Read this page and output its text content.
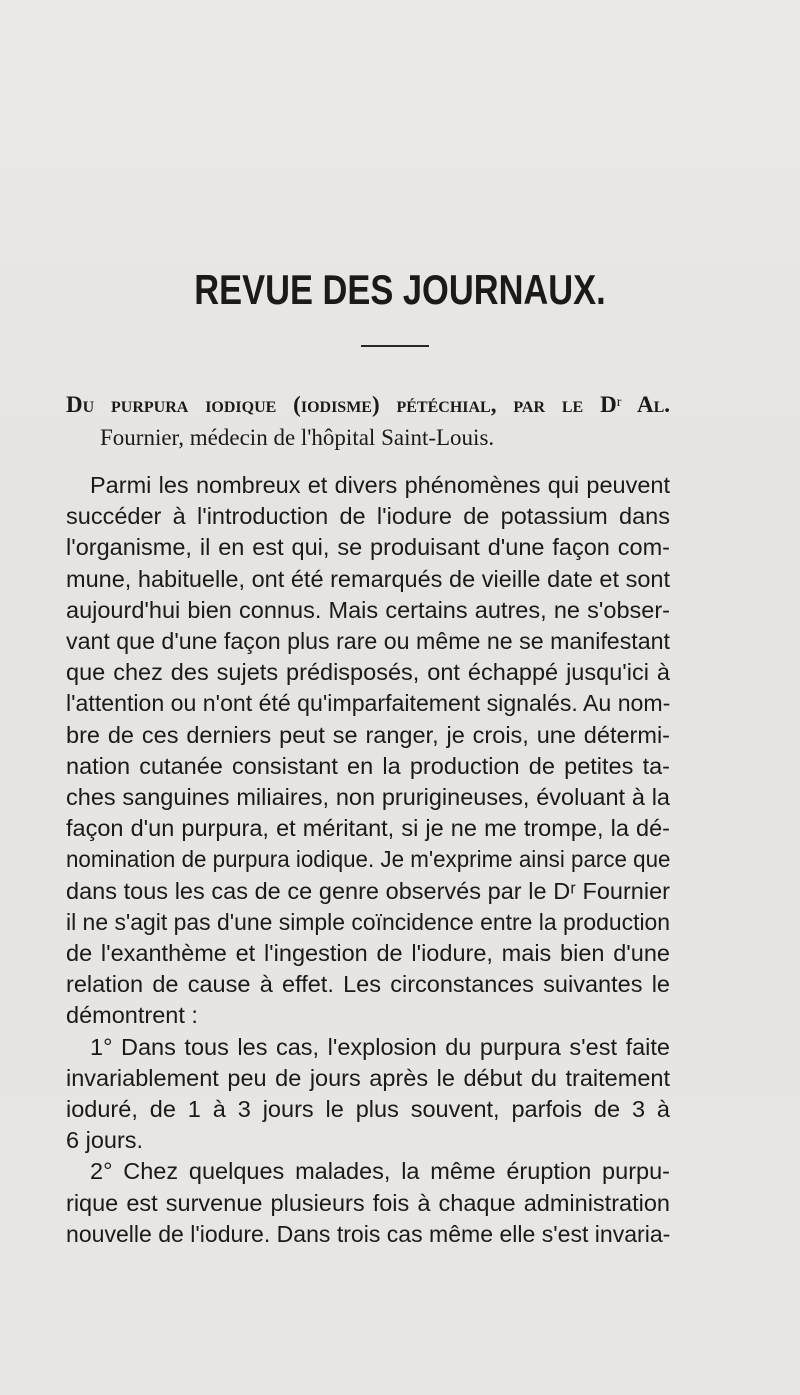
REVUE DES JOURNAUX.

Du purpura iodique (iodisme) pétéchial, par le $D^r$ Al.
Fournier, médecin de l'hôpital Saint-Louis.

Parmi les nombreux et divers phénomènes qui peuvent
succéder à l'introduction de l'iodure de potassium dans
l'organisme, il en est qui, se produisant d'une façon com-
mune, habituelle, ont été remarqués de vieille date et sont
aujourd'hui bien connus. Mais certains autres, ne s'obser-
vant que d'une façon plus rare ou même ne se manifestant
que chez des sujets prédisposés, ont échappé jusqu'ici à
l'attention ou n'ont été qu'imparfaitement signalés. Au nom-
bre de ces derniers peut se ranger, je crois, une détermi-
nation cutanée consistant en la production de petites ta-
ches sanguines miliaires, non prurigineuses, évoluant à la
façon d'un purpura, et méritant, si je ne me trompe, la dé-
nomination de purpura iodique. Je m'exprime ainsi parce que
dans tous les cas de ce genre observés par le Dʳ Fournier
il ne s'agit pas d'une simple coïncidence entre la production
de l'exanthème et l'ingestion de l'iodure, mais bien d'une
relation de cause à effet. Les circonstances suivantes le
démontrent :
1° Dans tous les cas, l'explosion du purpura s'est faite
invariablement peu de jours après le début du traitement
ioduré, de 1 à 3 jours le plus souvent, parfois de 3 à
6 jours.
2° Chez quelques malades, la même éruption purpu-
rique est survenue plusieurs fois à chaque administration
nouvelle de l'iodure. Dans trois cas même elle s'est invaria-
